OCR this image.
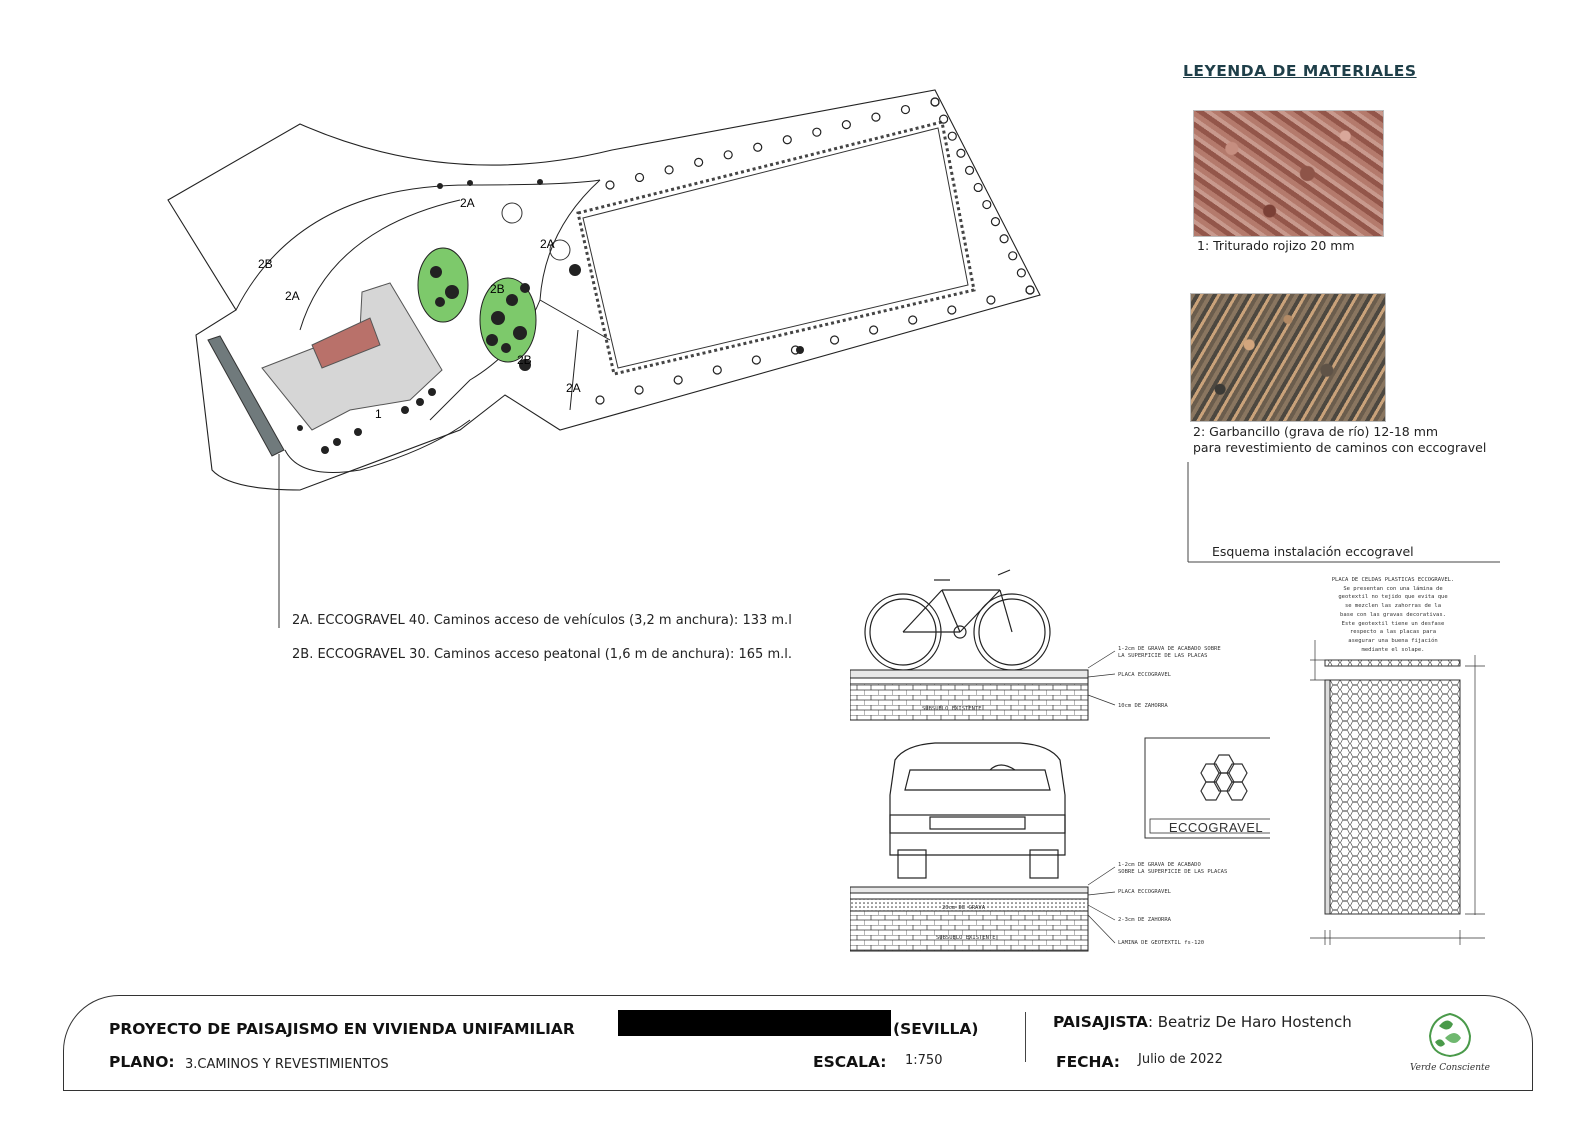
2A
2A
2A
2A
2B
2B
2B
1
LEYENDA DE MATERIALES
1: Triturado rojizo 20 mm
2: Garbancillo (grava de río) 12-18 mm
para revestimiento de caminos con eccogravel
Esquema instalación eccogravel
2A. ECCOGRAVEL 40. Caminos acceso de vehículos (3,2 m anchura): 133 m.l
2B. ECCOGRAVEL 30. Caminos acceso peatonal (1,6 m de anchura): 165 m.l.	1-2cm DE GRAVA DE ACABADO SOBRE
LA SUPERFICIE DE LAS PLACAS
PLACA ECCOGRAVEL
10cm DE ZAHORRA
SUBSUELO EXISTENTE
1-2cm DE GRAVA DE ACABADO
SOBRE LA SUPERFICIE DE LAS PLACAS
PLACA ECCOGRAVEL
2-3cm DE ZAHORRA
LAMINA DE GEOTEXTIL fs-120
20cm DE GRAVA
SUBSUELO EXISTENTE
ECCOGRAVEL
PLACA DE CELDAS PLASTICAS ECCOGRAVEL.
Se presentan con una lámina de
geotextil no tejido que evita que
se mezclen las zahorras de la
base con las gravas decorativas.
Este geotextil tiene un desfase
respecto a las placas para
asegurar una buena fijación
mediante el solape.
PROYECTO DE PAISAJISMO EN VIVIENDA UNIFAMILIAR	(SEVILLA)
PLANO: 3.CAMINOS Y REVESTIMIENTOS	ESCALA: 1:750
PAISAJISTA: Beatriz De Haro Hostench
FECHA: Julio de 2022
Verde Consciente
